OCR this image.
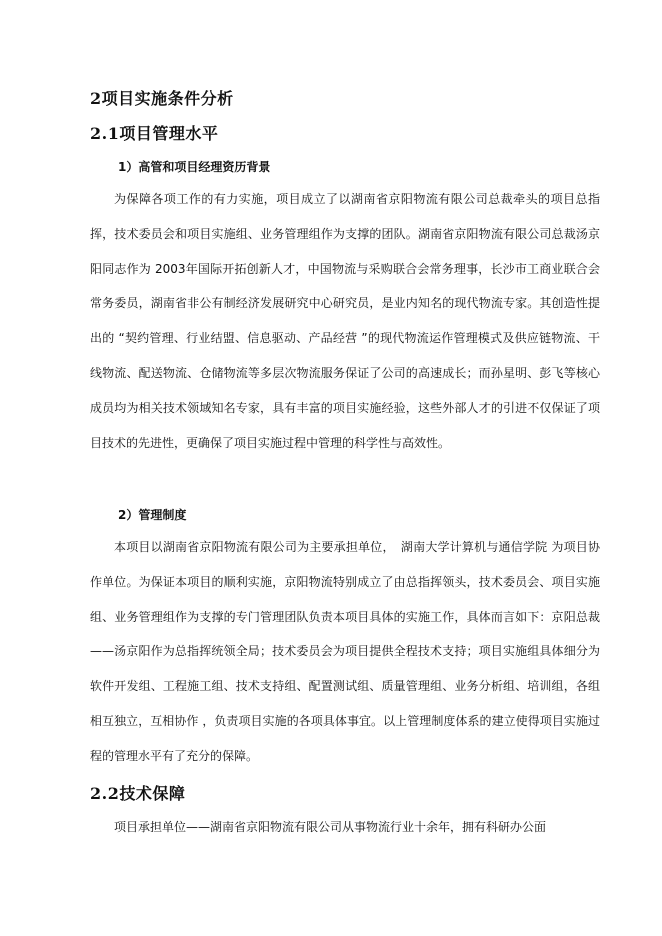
2项目实施条件分析
2.1项目管理水平
1）高管和项目经理资历背景

为保障各项工作的有力实施，项目成立了以湖南省京阳物流有限公司总裁牵头的项目总指挥，技术委员会和项目实施组、业务管理组作为支撑的团队。湖南省京阳物流有限公司总裁汤京阳同志作为 2003年国际开拓创新人才，中国物流与采购联合会常务理事，长沙市工商业联合会常务委员，湖南省非公有制经济发展研究中心研究员，是业内知名的现代物流专家。其创造性提出的 “契约管理、行业结盟、信息驱动、产品经营 ”的现代物流运作管理模式及供应链物流、干线物流、配送物流、仓储物流等多层次物流服务保证了公司的高速成长；而孙星明、彭飞等核心成员均为相关技术领域知名专家，具有丰富的项目实施经验，这些外部人才的引进不仅保证了项目技术的先进性，更确保了项目实施过程中管理的科学性与高效性。

2）管理制度

本项目以湖南省京阳物流有限公司为主要承担单位，　湖南大学计算机与通信学院 为项目协作单位。为保证本项目的顺利实施，京阳物流特别成立了由总指挥领头，技术委员会、项目实施组、业务管理组作为支撑的专门管理团队负责本项目具体的实施工作，具体而言如下：京阳总裁 ——汤京阳作为总指挥统领全局；技术委员会为项目提供全程技术支持；项目实施组具体细分为软件开发组、工程施工组、技术支持组、配置测试组、质量管理组、业务分析组、培训组，各组相互独立，互相协作 ，负责项目实施的各项具体事宜。以上管理制度体系的建立使得项目实施过程的管理水平有了充分的保障。

2.2技术保障

项目承担单位——湖南省京阳物流有限公司从事物流行业十余年，拥有科研办公面
